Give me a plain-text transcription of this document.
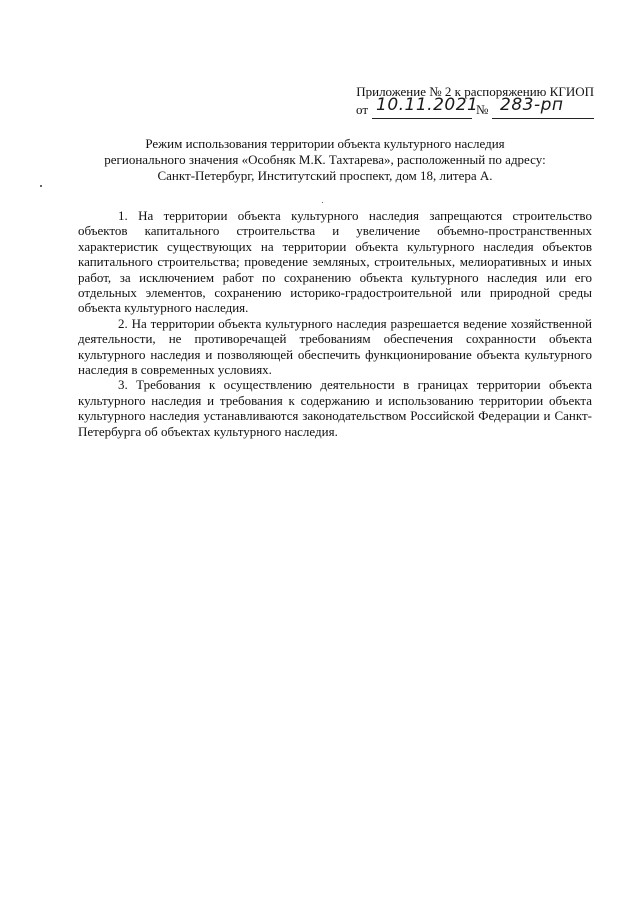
Приложение № 2 к распоряжению КГИОП
от 10.11.2021
№ 283-рп
Режим использования территории объекта культурного наследия
регионального значения «Особняк М.К. Тахтарева», расположенный по адресу:
Санкт-Петербург, Институтский проспект, дом 18, литера А.

1. На территории объекта культурного наследия запрещаются строительство объектов капитального строительства и увеличение объемно-пространственных характеристик существующих на территории объекта культурного наследия объектов капитального строительства; проведение земляных, строительных, мелиоративных и иных работ, за исключением работ по сохранению объекта культурного наследия или его отдельных элементов, сохранению историко-градостроительной или природной среды объекта культурного наследия.

2. На территории объекта культурного наследия разрешается ведение хозяйственной деятельности, не противоречащей требованиям обеспечения сохранности объекта культурного наследия и позволяющей обеспечить функционирование объекта культурного наследия в современных условиях.

3. Требования к осуществлению деятельности в границах территории объекта культурного наследия и требования к содержанию и использованию территории объекта культурного наследия устанавливаются законодательством Российской Федерации и Санкт-Петербурга об объектах культурного наследия.
